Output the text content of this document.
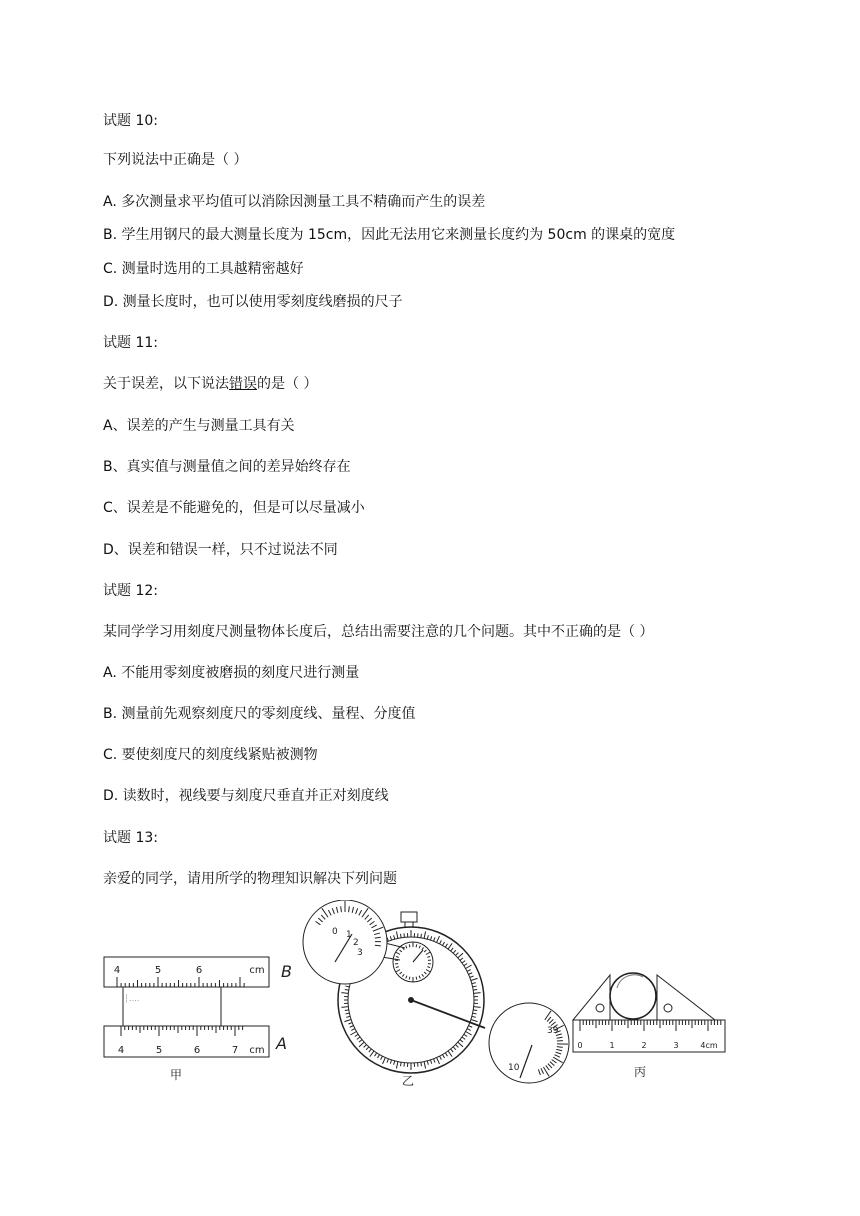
试题 10:
下列说法中正确是（ ）
A. 多次测量求平均值可以消除因测量工具不精确而产生的误差
B. 学生用钢尺的最大测量长度为 15cm，因此无法用它来测量长度约为 50cm 的课桌的宽度
C. 测量时选用的工具越精密越好
D. 测量长度时，也可以使用零刻度线磨损的尺子
试题 11:
关于误差，以下说法错误的是（ ）
A、误差的产生与测量工具有关
B、真实值与测量值之间的差异始终存在
C、误差是不能避免的，但是可以尽量减小
D、误差和错误一样，只不过说法不同
试题 12:
某同学学习用刻度尺测量物体长度后，总结出需要注意的几个问题。其中不正确的是（ ）
A. 不能用零刻度被磨损的刻度尺进行测量
B. 测量前先观察刻度尺的零刻度线、量程、分度值
C. 要使刻度尺的刻度线紧贴被测物
D. 读数时，视线要与刻度尺垂直并正对刻度线
试题 13:
亲爱的同学，请用所学的物理知识解决下列问题
4	5	6	cm B
┆‥‥
4	5	6	7 cm A
甲
0 1
2
3
39
10
乙
0	1	2	3	4cm
丙
